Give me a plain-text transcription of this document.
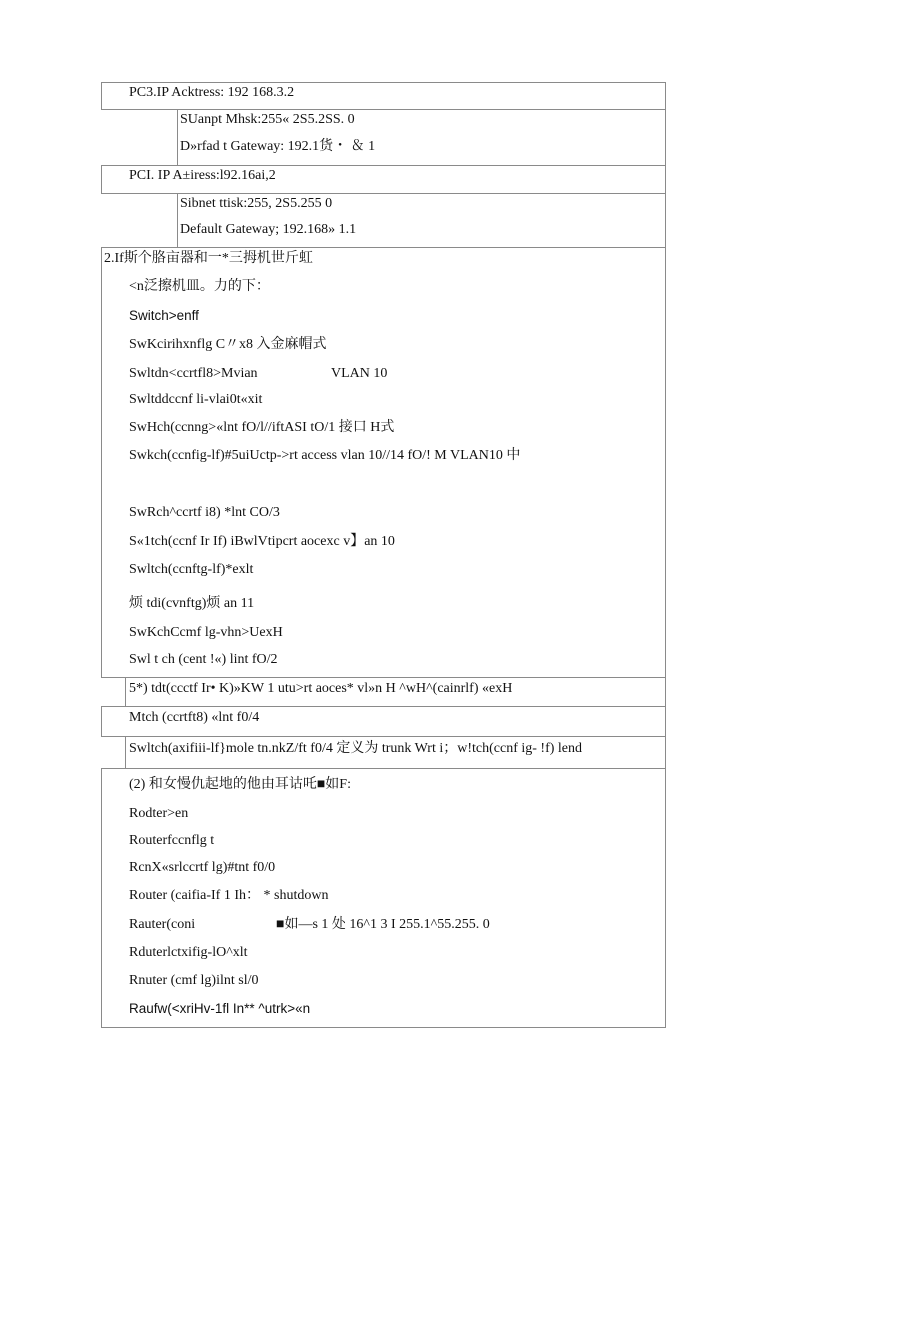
PC3.IP Acktress: 192 168.3.2
SUanpt Mhsk:255« 2S5.2SS. 0
D»rfad t Gateway: 192.1货・ ＆ 1
PCI. IP A±iress:l92.16ai,2
Sibnet ttisk:255, 2S5.255 0
Default Gateway; 192.168» 1.1
2.If斯个胳亩器和一*三拇机世斤虹
<n泛擦机皿。力的下：
Switch>enff
SwKcirihxnflg C〃x8 入金麻帽式
Swltdn<ccrtfl8>Mvian	VLAN 10
Swltddccnf li-vlai0t«xit
SwHch(ccnng>«lnt fO/l//iftASI tO/1 接口 H式
Swkch(ccnfig-lf)#5uiUctp->rt access vlan 10//14 fO/! M VLAN10 中
SwRch^ccrtf i8) *lnt CO/3
S«1tch(ccnf Ir If) iBwlVtipcrt aocexc v】an 10
Swltch(ccnftg-lf)*exlt
烦 tdi(cvnftg)烦 an 11
SwKchCcmf lg-vhn>UexH
Swl t ch (cent !«) lint fO/2
5*) tdt(ccctf Ir• K)»KW 1 utu>rt aoces* vl»n H ^wH^(cainrlf) «exH
Mtch (ccrtft8) «lnt f0/4
Swltch(axifiii-lf}mole tn.nkZ/ft f0/4 定义为 trunk Wrt i；w!tch(ccnf ig- !f) lend
(2) 和女慢仇起地的他由耳诂吒■如F:
Rodter>en
Routerfccnflg t
RcnX«srlccrtf lg)#tnt f0/0
Router (caifia-If 1 Ih： * shutdown
Rauter(coni	■如—s 1 处 16^1 3 I 255.1^55.255. 0
Rduterlctxifig-lO^xlt
Rnuter (cmf lg)ilnt sl/0
Raufw(<xriHv-1fl In** ^utrk>«n
